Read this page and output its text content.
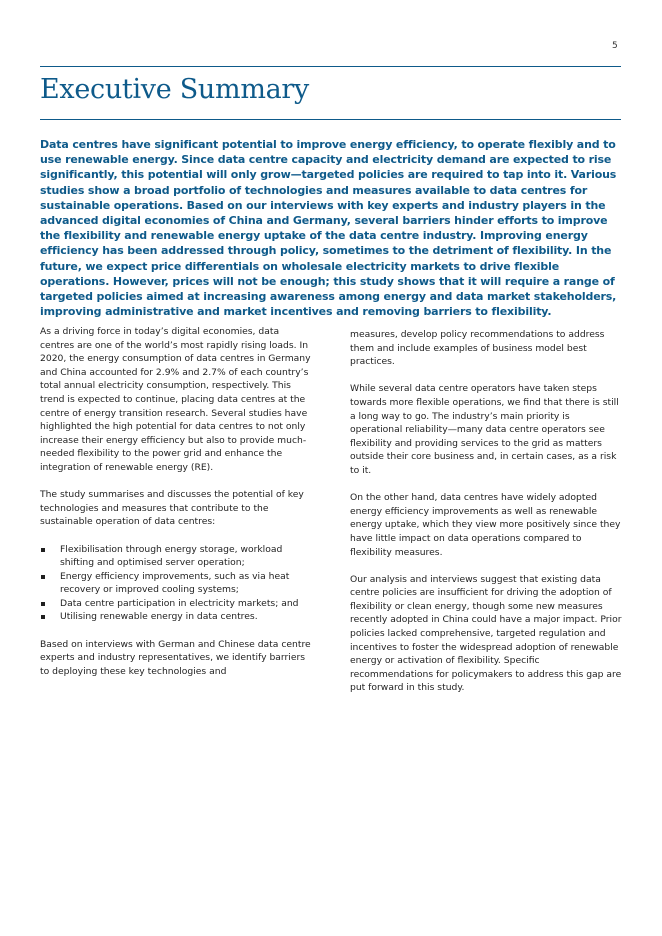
5
Executive Summary

Data centres have significant potential to improve energy efficiency, to operate flexibly and to use renewable energy. Since data centre capacity and electricity demand are expected to rise significantly, this potential will only grow—targeted policies are required to tap into it. Various studies show a broad portfolio of technologies and measures available to data centres for sustainable operations. Based on our interviews with key experts and industry players in the advanced digital economies of China and Germany, several barriers hinder efforts to improve the flexibility and renewable energy uptake of the data centre industry. Improving energy efficiency has been addressed through policy, sometimes to the detriment of flexibility. In the future, we expect price differentials on wholesale electricity markets to drive flexible operations. However, prices will not be enough; this study shows that it will require a range of targeted policies aimed at increasing awareness among energy and data market stakeholders, improving administrative and market incentives and removing barriers to flexibility.

As a driving force in today’s digital economies, data centres are one of the world’s most rapidly rising loads. In 2020, the energy consumption of data centres in Germany and China accounted for 2.9% and 2.7% of each country’s total annual electricity consumption, respectively. This trend is expected to continue, placing data centres at the centre of energy transition research. Several studies have highlighted the high potential for data centres to not only increase their energy efficiency but also to provide much-needed flexibility to the power grid and enhance the integration of renewable energy (RE).

The study summarises and discusses the potential of key technologies and measures that contribute to the sustainable operation of data centres:

Flexibilisation through energy storage, workload shifting and optimised server operation;
Energy efficiency improvements, such as via heat recovery or improved cooling systems;
Data centre participation in electricity markets; and
Utilising renewable energy in data centres.

Based on interviews with German and Chinese data centre experts and industry representatives, we identify barriers to deploying these key technologies and

measures, develop policy recommendations to address them and include examples of business model best practices.

While several data centre operators have taken steps towards more flexible operations, we find that there is still a long way to go. The industry’s main priority is operational reliability—many data centre operators see flexibility and providing services to the grid as matters outside their core business and, in certain cases, as a risk to it.

On the other hand, data centres have widely adopted energy efficiency improvements as well as renewable energy uptake, which they view more positively since they have little impact on data operations compared to flexibility measures.

Our analysis and interviews suggest that existing data centre policies are insufficient for driving the adoption of flexibility or clean energy, though some new measures recently adopted in China could have a major impact. Prior policies lacked comprehensive, targeted regulation and incentives to foster the widespread adoption of renewable energy or activation of flexibility. Specific recommendations for policymakers to address this gap are put forward in this study.
